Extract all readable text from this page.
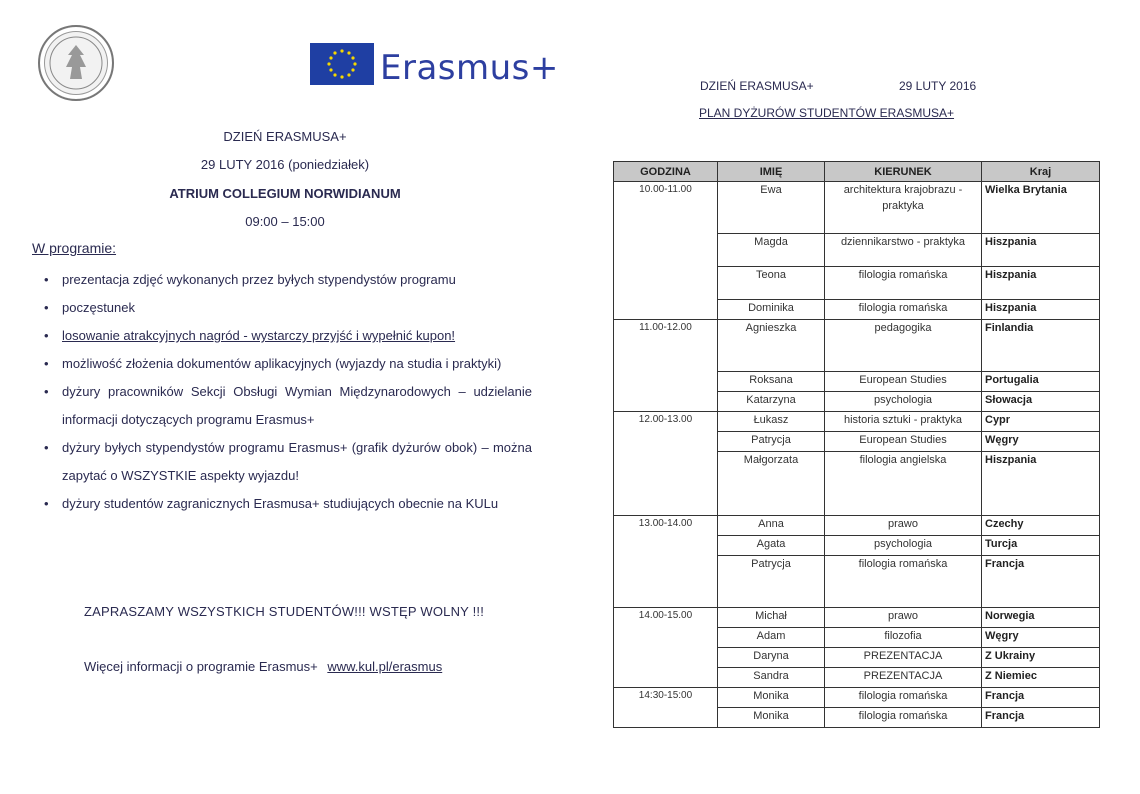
Erasmus+
DZIEŃ ERASMUSA+
29 LUTY 2016 (poniedziałek)
ATRIUM COLLEGIUM NORWIDIANUM
09:00 – 15:00
W programie:
• prezentacja zdjęć wykonanych przez byłych stypendystów programu
• poczęstunek
• losowanie atrakcyjnych nagród - wystarczy przyjść i wypełnić kupon!
• możliwość złożenia dokumentów aplikacyjnych (wyjazdy na studia i praktyki)
• dyżury pracowników Sekcji Obsługi Wymian Międzynarodowych – udzielanie informacji dotyczących programu Erasmus+
• dyżury byłych stypendystów programu Erasmus+ (grafik dyżurów obok) – można zapytać o WSZYSTKIE aspekty wyjazdu!
• dyżury studentów zagranicznych Erasmusa+ studiujących obecnie na KULu
ZAPRASZAMY WSZYSTKICH STUDENTÓW!!! WSTĘP WOLNY !!!
Więcej informacji o programie Erasmus+ www.kul.pl/erasmus
DZIEŃ ERASMUSA+	29 LUTY 2016
PLAN DYŻURÓW STUDENTÓW ERASMUSA+
GODZINA	IMIĘ	KIERUNEK	Kraj
10.00-11.00	Ewa	architektura krajobrazu - praktyka	Wielka Brytania
	Magda	dziennikarstwo - praktyka	Hiszpania
	Teona	filologia romańska	Hiszpania
	Dominika	filologia romańska	Hiszpania
11.00-12.00	Agnieszka	pedagogika	Finlandia
	Roksana	European Studies	Portugalia
	Katarzyna	psychologia	Słowacja
12.00-13.00	Łukasz	historia sztuki - praktyka	Cypr
	Patrycja	European Studies	Węgry
	Małgorzata	filologia angielska	Hiszpania
13.00-14.00	Anna	prawo	Czechy
	Agata	psychologia	Turcja
	Patrycja	filologia romańska	Francja
14.00-15.00	Michał	prawo	Norwegia
	Adam	filozofia	Węgry
	Daryna	PREZENTACJA	Z Ukrainy
	Sandra	PREZENTACJA	Z Niemiec
14:30-15:00	Monika	filologia romańska	Francja
	Monika	filologia romańska	Francja
